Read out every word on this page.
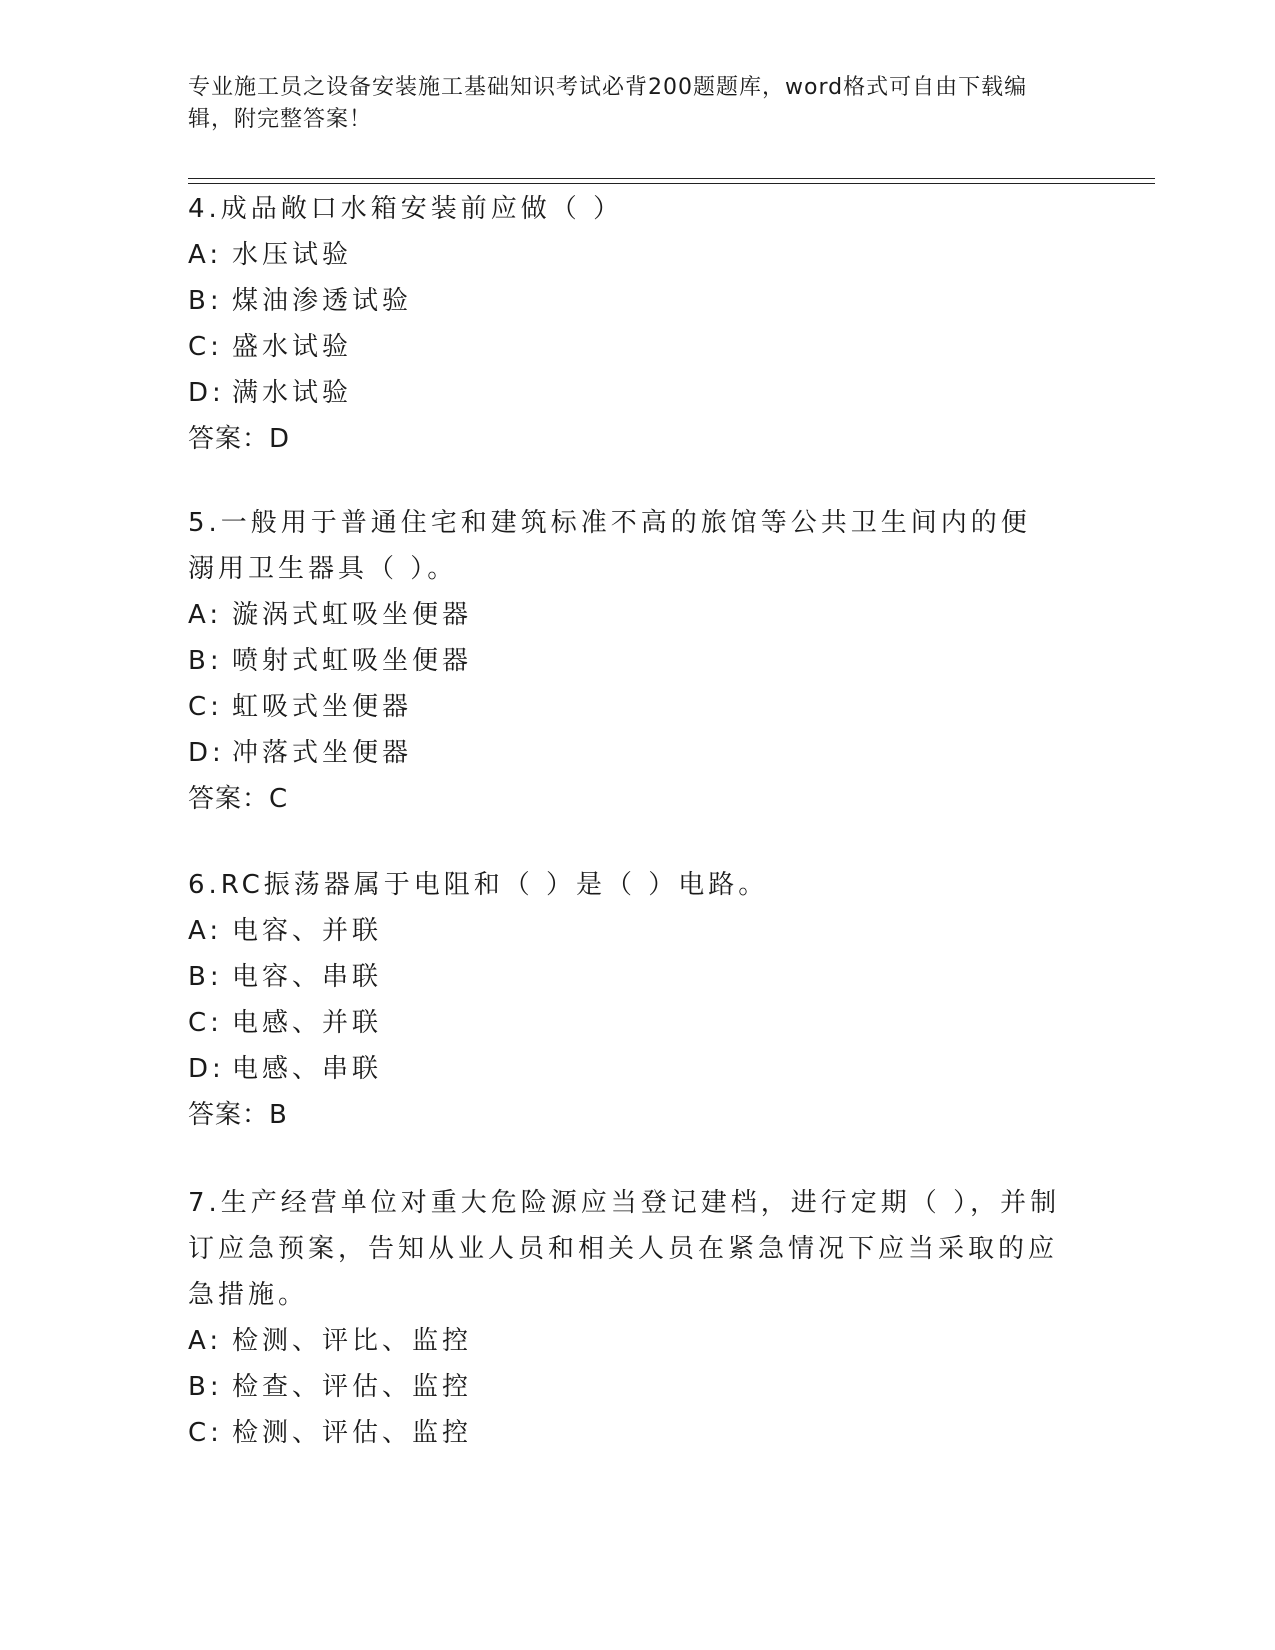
专业施工员之设备安装施工基础知识考试必背200题题库，word格式可自由下载编辑，附完整答案！
4.成品敞口水箱安装前应做（ ）
A: 水压试验
B: 煤油渗透试验
C: 盛水试验
D: 满水试验
答案：D
5.一般用于普通住宅和建筑标准不高的旅馆等公共卫生间内的便溺用卫生器具（ ）。
A: 漩涡式虹吸坐便器
B: 喷射式虹吸坐便器
C: 虹吸式坐便器
D: 冲落式坐便器
答案：C
6.RC振荡器属于电阻和（ ）是（ ）电路。
A: 电容、并联
B: 电容、串联
C: 电感、并联
D: 电感、串联
答案：B
7.生产经营单位对重大危险源应当登记建档，进行定期（ ），并制订应急预案，告知从业人员和相关人员在紧急情况下应当采取的应急措施。
A: 检测、评比、监控
B: 检查、评估、监控
C: 检测、评估、监控
